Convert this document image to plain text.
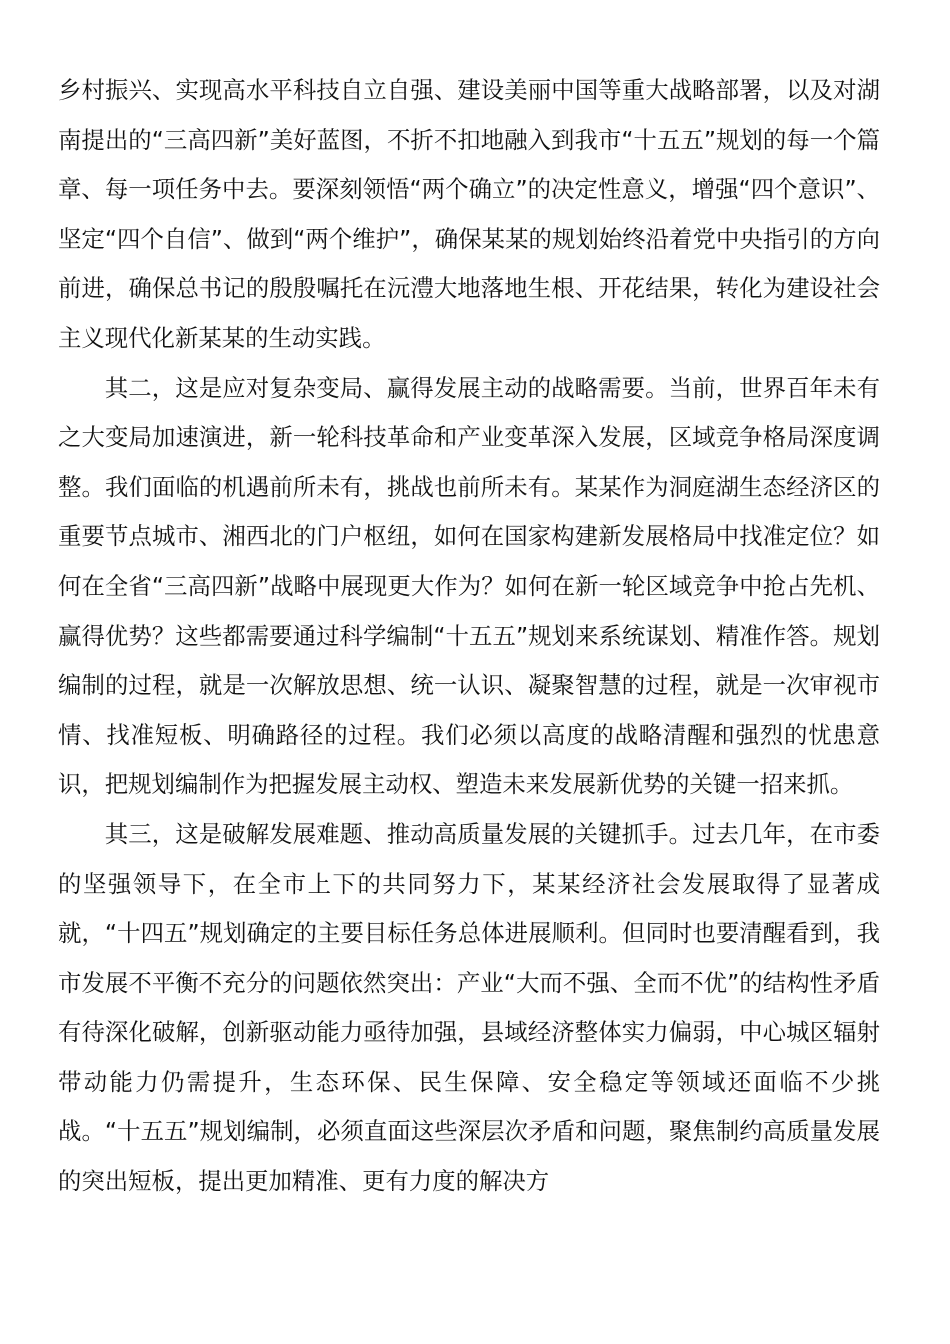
乡村振兴、实现高水平科技自立自强、建设美丽中国等重大战略部署，以及对湖南提出的“三高四新”美好蓝图，不折不扣地融入到我市“十五五”规划的每一个篇章、每一项任务中去。要深刻领悟“两个确立”的决定性意义，增强“四个意识”、坚定“四个自信”、做到“两个维护”，确保某某的规划始终沿着党中央指引的方向前进，确保总书记的殷殷嘱托在沅澧大地落地生根、开花结果，转化为建设社会主义现代化新某某的生动实践。

其二，这是应对复杂变局、赢得发展主动的战略需要。当前，世界百年未有之大变局加速演进，新一轮科技革命和产业变革深入发展，区域竞争格局深度调整。我们面临的机遇前所未有，挑战也前所未有。某某作为洞庭湖生态经济区的重要节点城市、湘西北的门户枢纽，如何在国家构建新发展格局中找准定位？如何在全省“三高四新”战略中展现更大作为？如何在新一轮区域竞争中抢占先机、赢得优势？这些都需要通过科学编制“十五五”规划来系统谋划、精准作答。规划编制的过程，就是一次解放思想、统一认识、凝聚智慧的过程，就是一次审视市情、找准短板、明确路径的过程。我们必须以高度的战略清醒和强烈的忧患意识，把规划编制作为把握发展主动权、塑造未来发展新优势的关键一招来抓。

其三，这是破解发展难题、推动高质量发展的关键抓手。过去几年，在市委的坚强领导下，在全市上下的共同努力下，某某经济社会发展取得了显著成就，“十四五”规划确定的主要目标任务总体进展顺利。但同时也要清醒看到，我市发展不平衡不充分的问题依然突出：产业“大而不强、全而不优”的结构性矛盾有待深化破解，创新驱动能力亟待加强，县域经济整体实力偏弱，中心城区辐射带动能力仍需提升，生态环保、民生保障、安全稳定等领域还面临不少挑战。“十五五”规划编制，必须直面这些深层次矛盾和问题，聚焦制约高质量发展的突出短板，提出更加精准、更有力度的解决方
